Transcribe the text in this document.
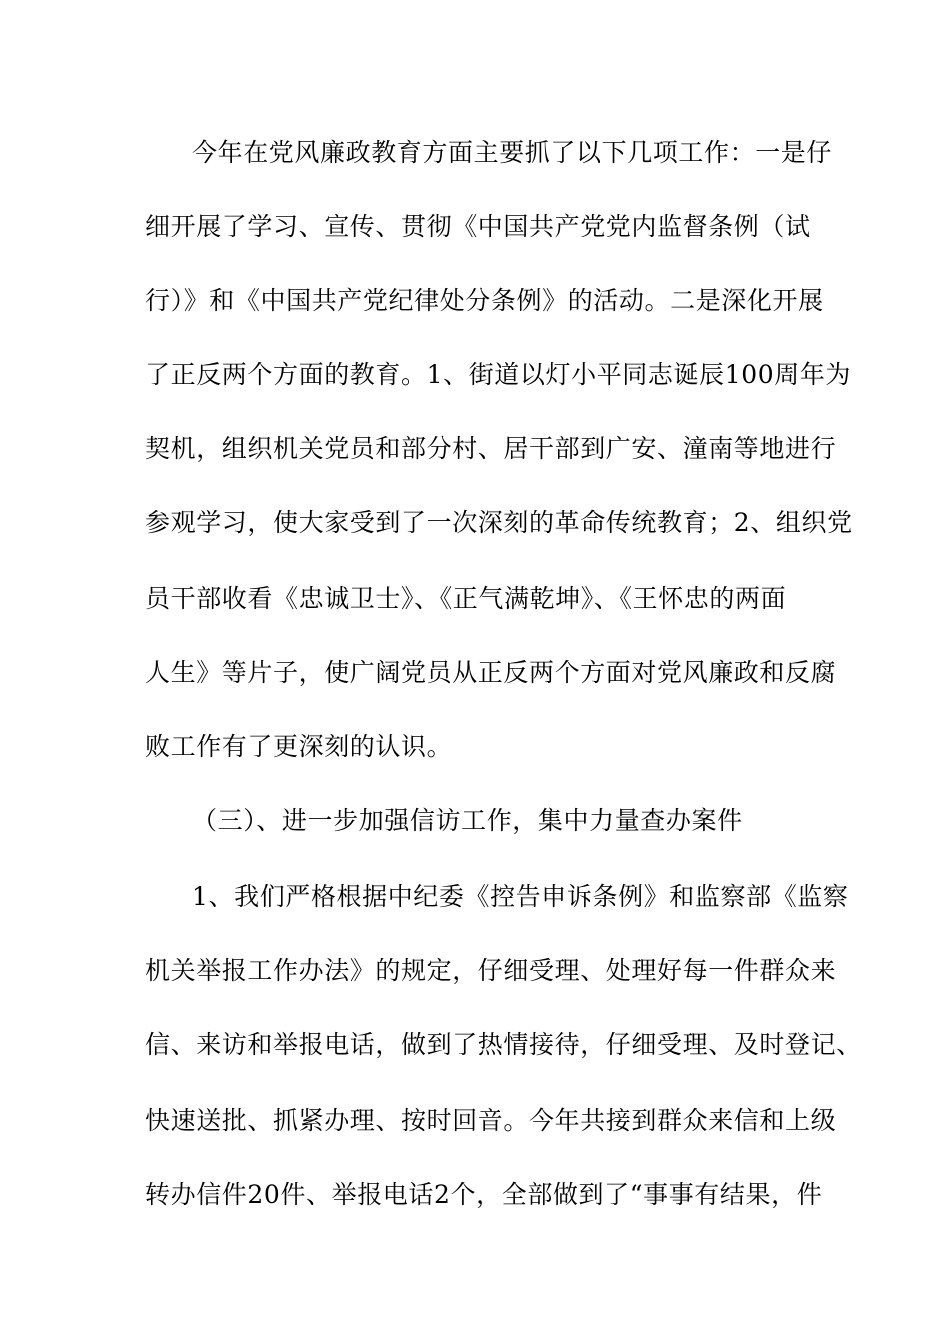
今年在党风廉政教育方面主要抓了以下几项工作：一是仔
细开展了学习、宣传、贯彻《中国共产党党内监督条例（试
行）》和《中国共产党纪律处分条例》的活动。二是深化开展
了正反两个方面的教育。1、街道以灯小平同志诞辰100周年为
契机，组织机关党员和部分村、居干部到广安、潼南等地进行
参观学习，使大家受到了一次深刻的革命传统教育；2、组织党
员干部收看《忠诚卫士》、《正气满乾坤》、《王怀忠的两面
人生》等片子，使广阔党员从正反两个方面对党风廉政和反腐
败工作有了更深刻的认识。
（三）、进一步加强信访工作，集中力量查办案件
1、我们严格根据中纪委《控告申诉条例》和监察部《监察
机关举报工作办法》的规定，仔细受理、处理好每一件群众来
信、来访和举报电话，做到了热情接待，仔细受理、及时登记、
快速送批、抓紧办理、按时回音。今年共接到群众来信和上级
转办信件20件、举报电话2个，全部做到了“事事有结果，件
